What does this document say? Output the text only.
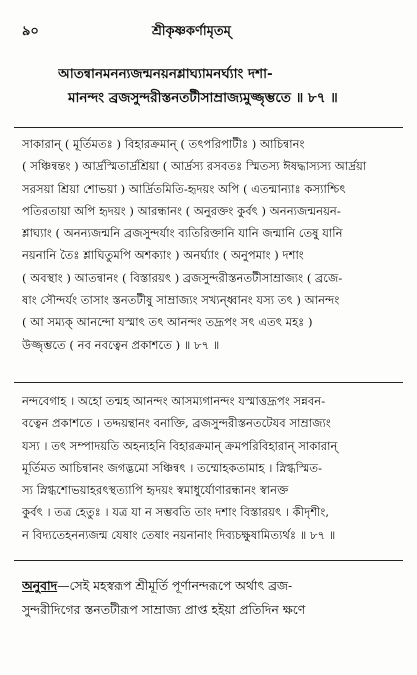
৯০	শ্রীকৃষ্ণকর্ণামৃতম্
আতন্বানমনন্যজন্মনয়নশ্লাঘ্যামনর্ঘ্যাং দশা-
মানন্দং ব্রজসুন্দরীস্তনতটীসাম্রাজ্যমুজ্জৃম্ভতে ॥ ৮৭ ॥
সাকারান্ ( মূর্তিমতঃ ) বিহারক্রমান্ ( তৎপরিপাটীঃ ) আচিন্বানং
( সঞ্চিন্বন্তং ) আর্দ্রস্মিতার্দ্রশ্রিয়া ( আর্দ্রস্য রসবতঃ স্মিতস্য ঈষদ্ধাস্যস্য আর্দ্রয়া
সরসয়া শ্রিয়া শোভয়া ) আর্দ্রিতমিতি-হৃদয়ং অপি ( এতন্মান্যাঃ কস্যাশ্চিৎ
পতিরতায়া অপি হৃদয়ং ) আরন্ধানং ( অনুরক্তং কুর্বৎ ) অনন্যজন্মনয়ন-
শ্লাঘ্যাং ( অনন্যজন্মনি ব্রজসুন্দর্যাং ব্যতিরিক্তানি যানি জন্মানি তেষু যানি
নয়নানি তৈঃ শ্লাঘিতুমপি অশক্যাং ) অনর্ঘ্যাং ( অনুপমাং ) দশাং
( অবস্থাং ) আতন্বানং ( বিস্তারয়ৎ ) ব্রজসুন্দরীস্তনতটীসাম্রাজ্যং ( ব্রজে-
ষাং সৌন্দর্যং তাসাং স্তনতটীষু সাম্রাজ্যং সখ্যন্ধ্বানং যস্য তৎ ) আনন্দং
( আ সম্যক্ আনন্দো যস্মাৎ তৎ আনন্দং তদ্রূপং সৎ এতৎ মহঃ )
উজ্জৃম্ভতে ( নব নবত্বেন প্রকাশতে ) ॥ ৮৭ ॥
নন্দবেগাহ । অহো তন্মহ আনন্দং আসম্যগানন্দং যস্মাত্তদ্রূপং সন্নবন-
বত্বেন প্রকাশতে । তদ্দয়ন্থানং বনাক্তি, ব্রজসুন্দরীস্তনতটেযব সাম্রাজ্যং
যস্য । তৎ সম্পাদয়তি অহন্যহনি বিহারক্রমান্ ক্রমপরিবিহারান্ সাকারান্
মূর্তিমত আচিন্বানং জগদ্ভমো সঞ্চিন্বৎ । তম্মোহকতামাহ । স্নিগ্ধস্মিত-
স্য স্নিগ্ধশোভয়াহরৎস্থত্যাপি হৃদয়ং স্বমাধুর্যোণারন্ধানং স্বানক্ত
কুর্বৎ । তত্র হেতুঃ । যত্র যা ন সম্ভবতি তাং দশাং বিস্তারয়ৎ । কীদৃশীং,
ন বিদ্যতেহনন্যজন্ম যেষাং তেষাং নয়নানাং দিব্যচক্ষুষামিত্যর্থঃ ॥ ৮৭ ॥
অনুবাদ—সেই মহস্বরূপ শ্রীমূর্তি পূর্ণানন্দরূপে অর্থাৎ ব্রজ-
সুন্দরীদিগের স্তনতটীরূপ সাম্রাজ্য প্রাপ্ত হইয়া প্রতিদিন ক্ষণে
